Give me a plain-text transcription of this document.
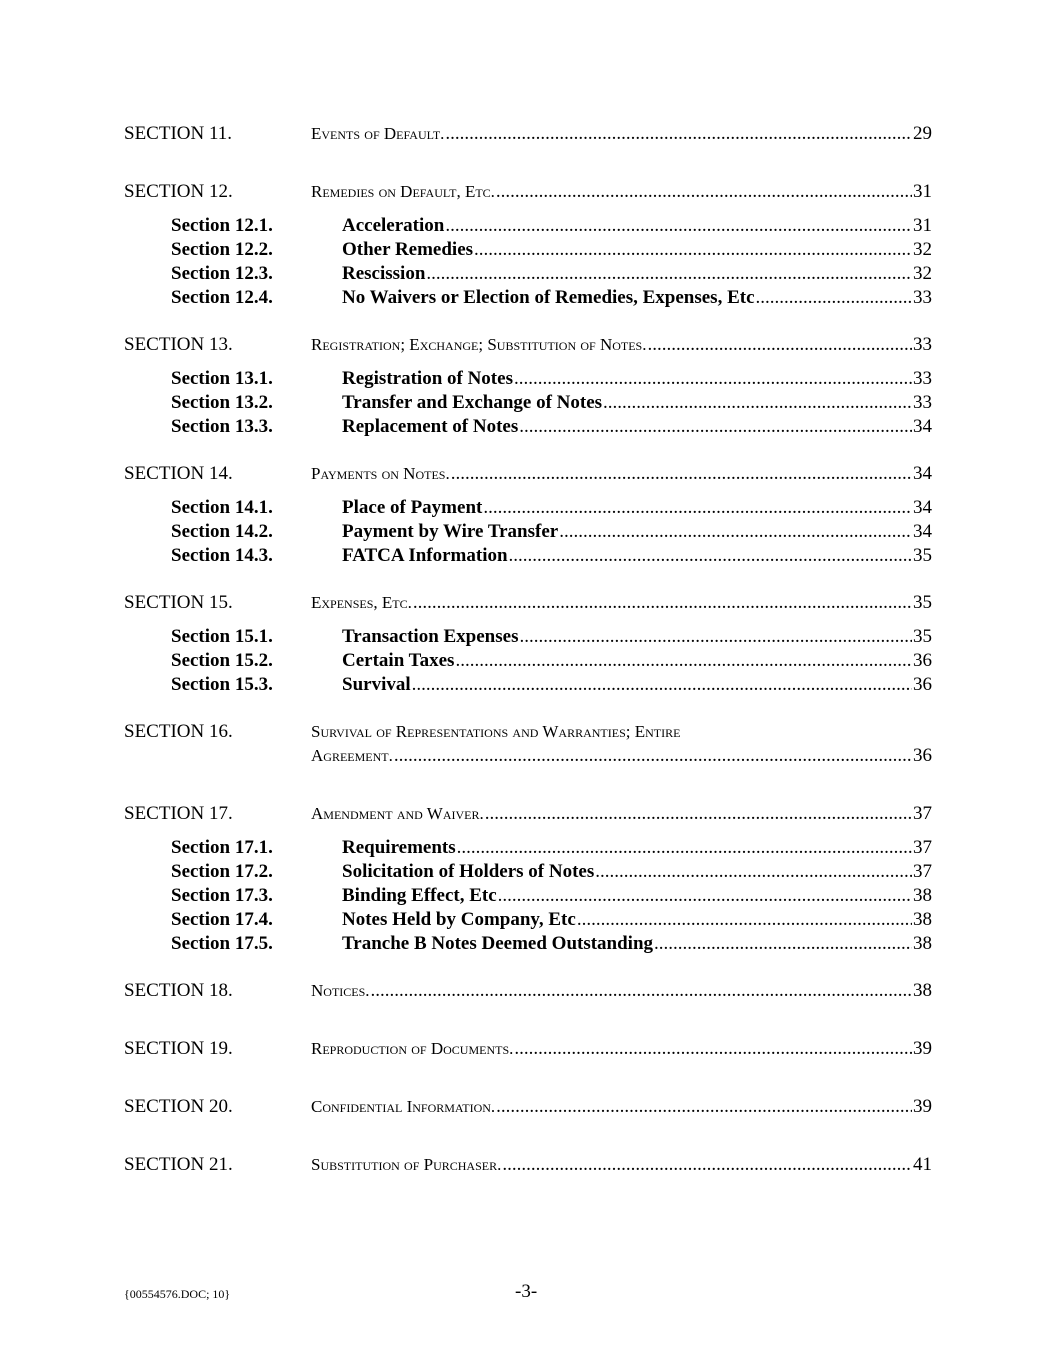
SECTION 11.	Events of Default. .....	29
SECTION 12.	Remedies on Default, Etc. .....	31
Section 12.1.	Acceleration .....	31
Section 12.2.	Other Remedies .....	32
Section 12.3.	Rescission .....	32
Section 12.4.	No Waivers or Election of Remedies, Expenses, Etc .....	33
SECTION 13.	Registration; Exchange; Substitution of Notes. .....	33
Section 13.1.	Registration of Notes .....	33
Section 13.2.	Transfer and Exchange of Notes .....	33
Section 13.3.	Replacement of Notes .....	34
SECTION 14.	Payments on Notes. .....	34
Section 14.1.	Place of Payment .....	34
Section 14.2.	Payment by Wire Transfer .....	34
Section 14.3.	FATCA Information .....	35
SECTION 15.	Expenses, Etc. .....	35
Section 15.1.	Transaction Expenses .....	35
Section 15.2.	Certain Taxes .....	36
Section 15.3.	Survival .....	36
SECTION 16.	Survival of Representations and Warranties; Entire
Agreement. .....	36
SECTION 17.	Amendment and Waiver. .....	37
Section 17.1.	Requirements .....	37
Section 17.2.	Solicitation of Holders of Notes .....	37
Section 17.3.	Binding Effect, Etc .....	38
Section 17.4.	Notes Held by Company, Etc .....	38
Section 17.5.	Tranche B Notes Deemed Outstanding .....	38
SECTION 18.	Notices. .....	38
SECTION 19.	Reproduction of Documents. .....	39
SECTION 20.	Confidential Information. .....	39
SECTION 21.	Substitution of Purchaser. .....	41
{00554576.DOC; 10}	-3-
